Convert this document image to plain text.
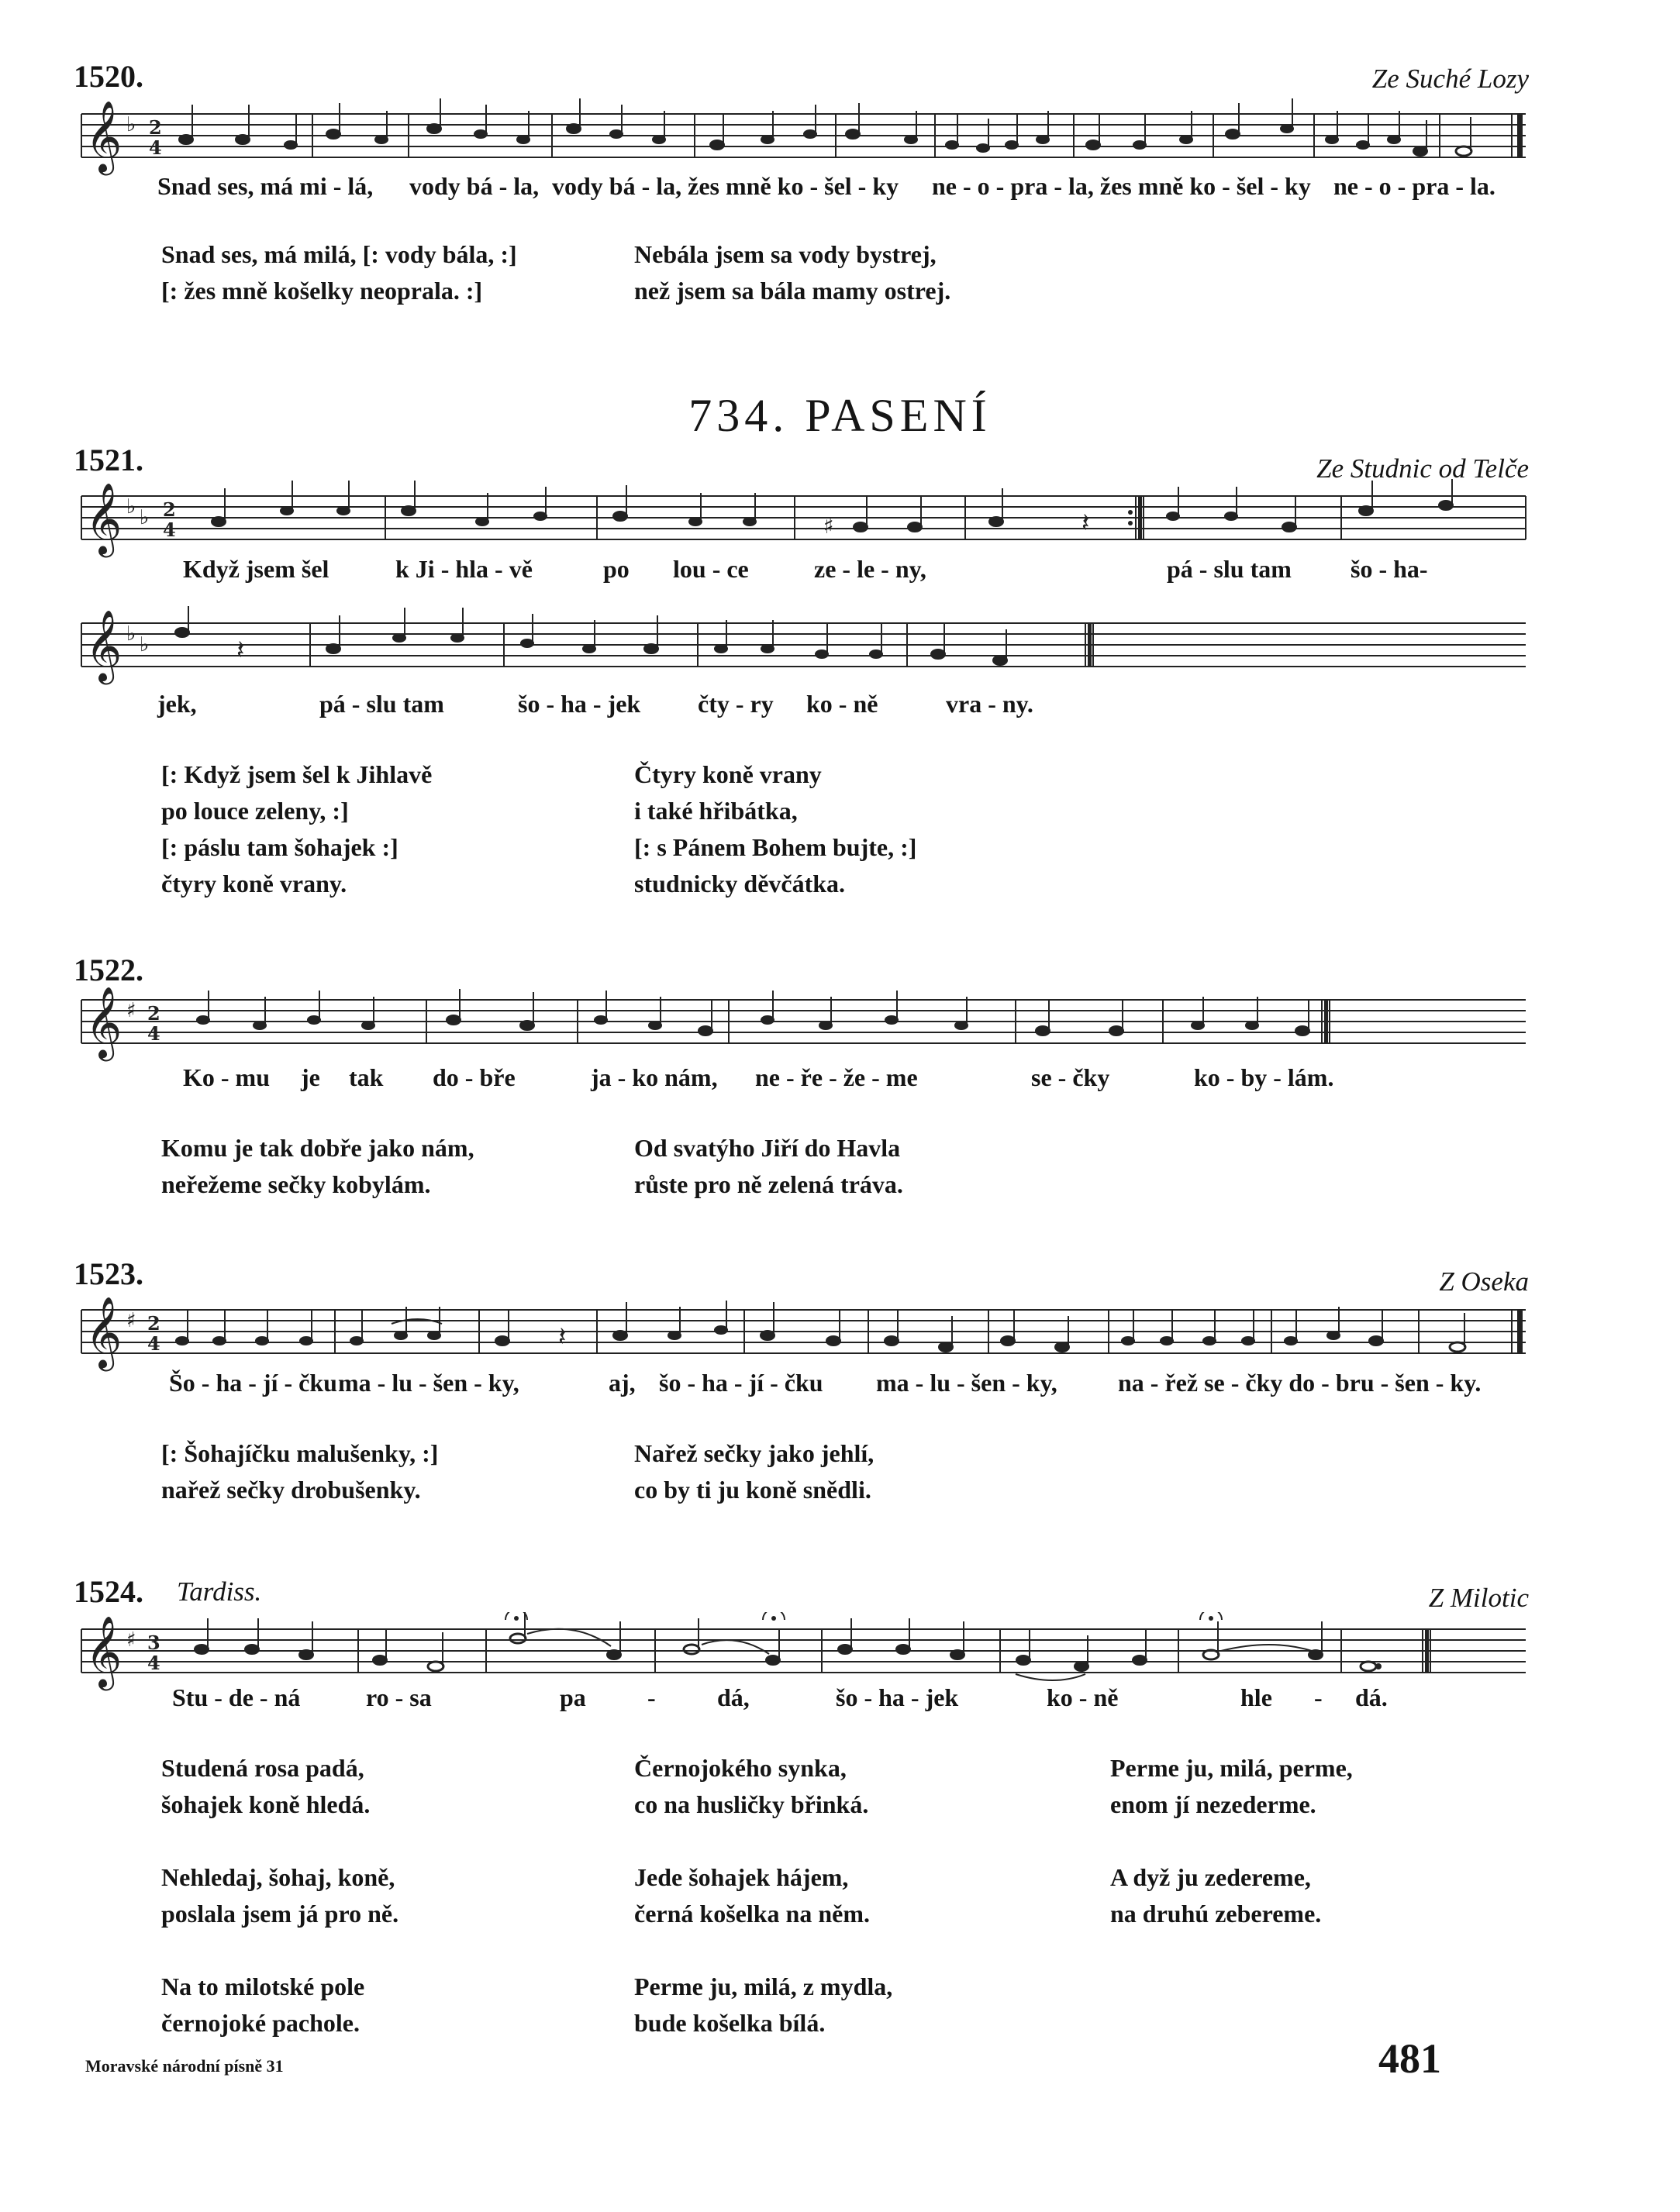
1520.	Ze Suché Lozy
𝄞 ♭ 2
4
Snad ses, má mi - lá, vody bá - la, vody bá - la, žes mně ko - šel - ky ne - o - pra - la, žes mně ko - šel - ky ne - o - pra - la.
Snad ses, má milá, [: vody bála, :]
[: žes mně košelky neoprala. :]
Nebála jsem sa vody bystrej,
než jsem sa bála mamy ostrej.
734. PASENÍ
1521.	Ze Studnic od Telče
𝄞 ♭ ♭ 2
4	♯	𝄽
Když jsem šel	k Ji - hla - vě	po lou - ce	ze - le - ny,	pá - slu tam šo - ha-
𝄞 ♭ ♭	𝄽
jek,	pá - slu tam	šo - ha - jek čty - ry ko - ně	vra - ny.
[: Když jsem šel k Jihlavě
po louce zeleny, :]
[: páslu tam šohajek :]
čtyry koně vrany.
Čtyry koně vrany
i také hřibátka,
[: s Pánem Bohem bujte, :]
studnicky děvčátka.
1522.
𝄞 ♯ 2
4
Ko - mu je tak do - bře	ja - ko nám, ne - ře - že - me	se - čky	ko - by - lám.
Komu je tak dobře jako nám,
neřežeme sečky kobylám.
Od svatýho Jiří do Havla
růste pro ně zelená tráva.
1523.	Z Oseka
𝄞 ♯ 2
4	𝄽
Šo - ha - jí - čku ma - lu - šen - ky,	aj, šo - ha - jí - čku ma - lu - šen - ky, na - řež se - čky do - bru - šen - ky.
[: Šohajíčku malušenky, :]
nařež sečky drobušenky.
Nařež sečky jako jehlí,
co by ti ju koně snědli.
1524. Tardiss.	Z Milotic
𝄞 ♯ 3
4
Stu - de - ná	ro - sa	pa - dá,	šo - ha - jek	ko - ně	hle - dá.
Studená rosa padá,
šohajek koně hledá.

Nehledaj, šohaj, koně,
poslala jsem já pro ně.

Na to milotské pole
černojoké pachole.
Černojokého synka,
co na husličky břinká.

Jede šohajek hájem,
černá košelka na něm.

Perme ju, milá, z mydla,
bude košelka bílá.
Perme ju, milá, perme,
enom jí nezederme.

A dyž ju zedereme,
na druhú zebereme.
Moravské národní písně 31	481
